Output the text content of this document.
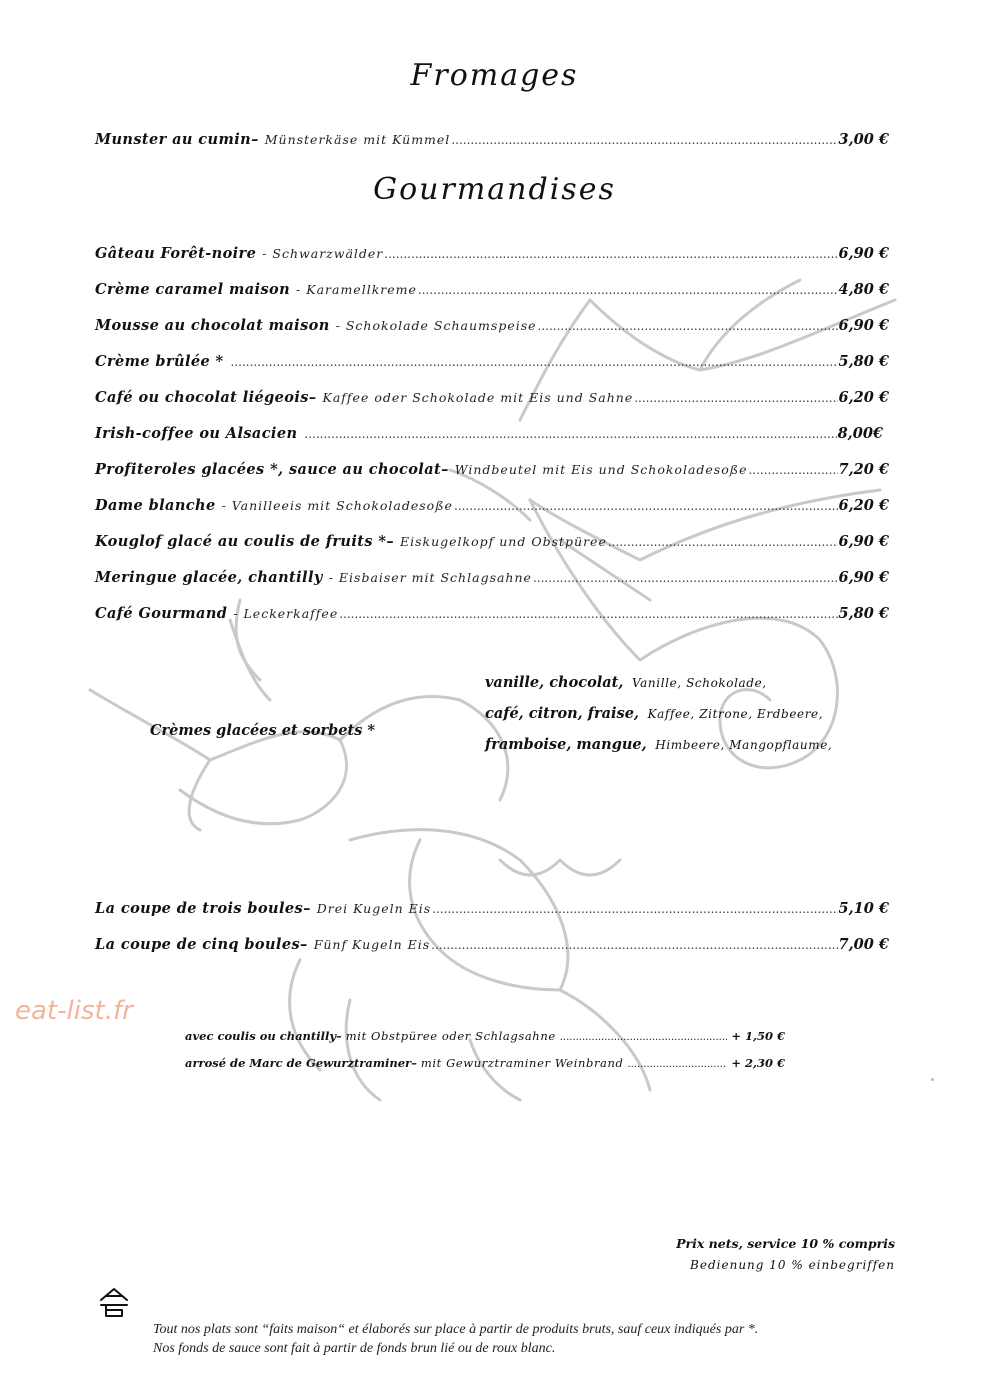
Fromages
Munster au cumin – Münsterkäse mit Kümmel .....	3,00 €
Gourmandises
Gâteau Forêt-noire - Schwarzwälder .....	6,90 €
Crème caramel maison - Karamellkreme .....	4,80 €
Mousse au chocolat maison - Schokolade Schaumspeise .....	6,90 €
Crème brûlée * .....	5,80 €
Café ou chocolat liégeois – Kaffee oder Schokolade mit Eis und Sahne .....	6,20 €
Irish-coffee ou Alsacien .....	8,00€
Profiteroles glacées *, sauce au chocolat – Windbeutel mit Eis und Schokoladesoße .....	7,20 €
Dame blanche - Vanilleeis mit Schokoladesoße .....	6,20 €
Kouglof glacé au coulis de fruits * – Eiskugelkopf und Obstpüree .....	6,90 €
Meringue glacée, chantilly - Eisbaiser mit Schlagsahne .....	6,90 €
Café Gourmand - Leckerkaffee .....	5,80 €
Crèmes glacées et sorbets *
vanille, chocolat, Vanille, Schokolade,
café, citron, fraise, Kaffee, Zitrone, Erdbeere,
framboise, mangue, Himbeere, Mangopflaume,
La coupe de trois boules – Drei Kugeln Eis .....	5,10 €
La coupe de cinq boules – Fünf Kugeln Eis .....	7,00 €
eat-list.fr
avec coulis ou chantilly – mit Obstpüree oder Schlagsahne .....	+ 1,50 €
arrosé de Marc de Gewurztraminer – mit Gewurztraminer Weinbrand .....	+ 2,30 €
Prix nets, service 10 % compris
Bedienung 10 % einbegriffen
Tout nos plats sont “faits maison“ et élaborés sur place à partir de produits bruts, sauf ceux indiqués par *.
Nos fonds de sauce sont fait à partir de fonds brun lié ou de roux blanc.
